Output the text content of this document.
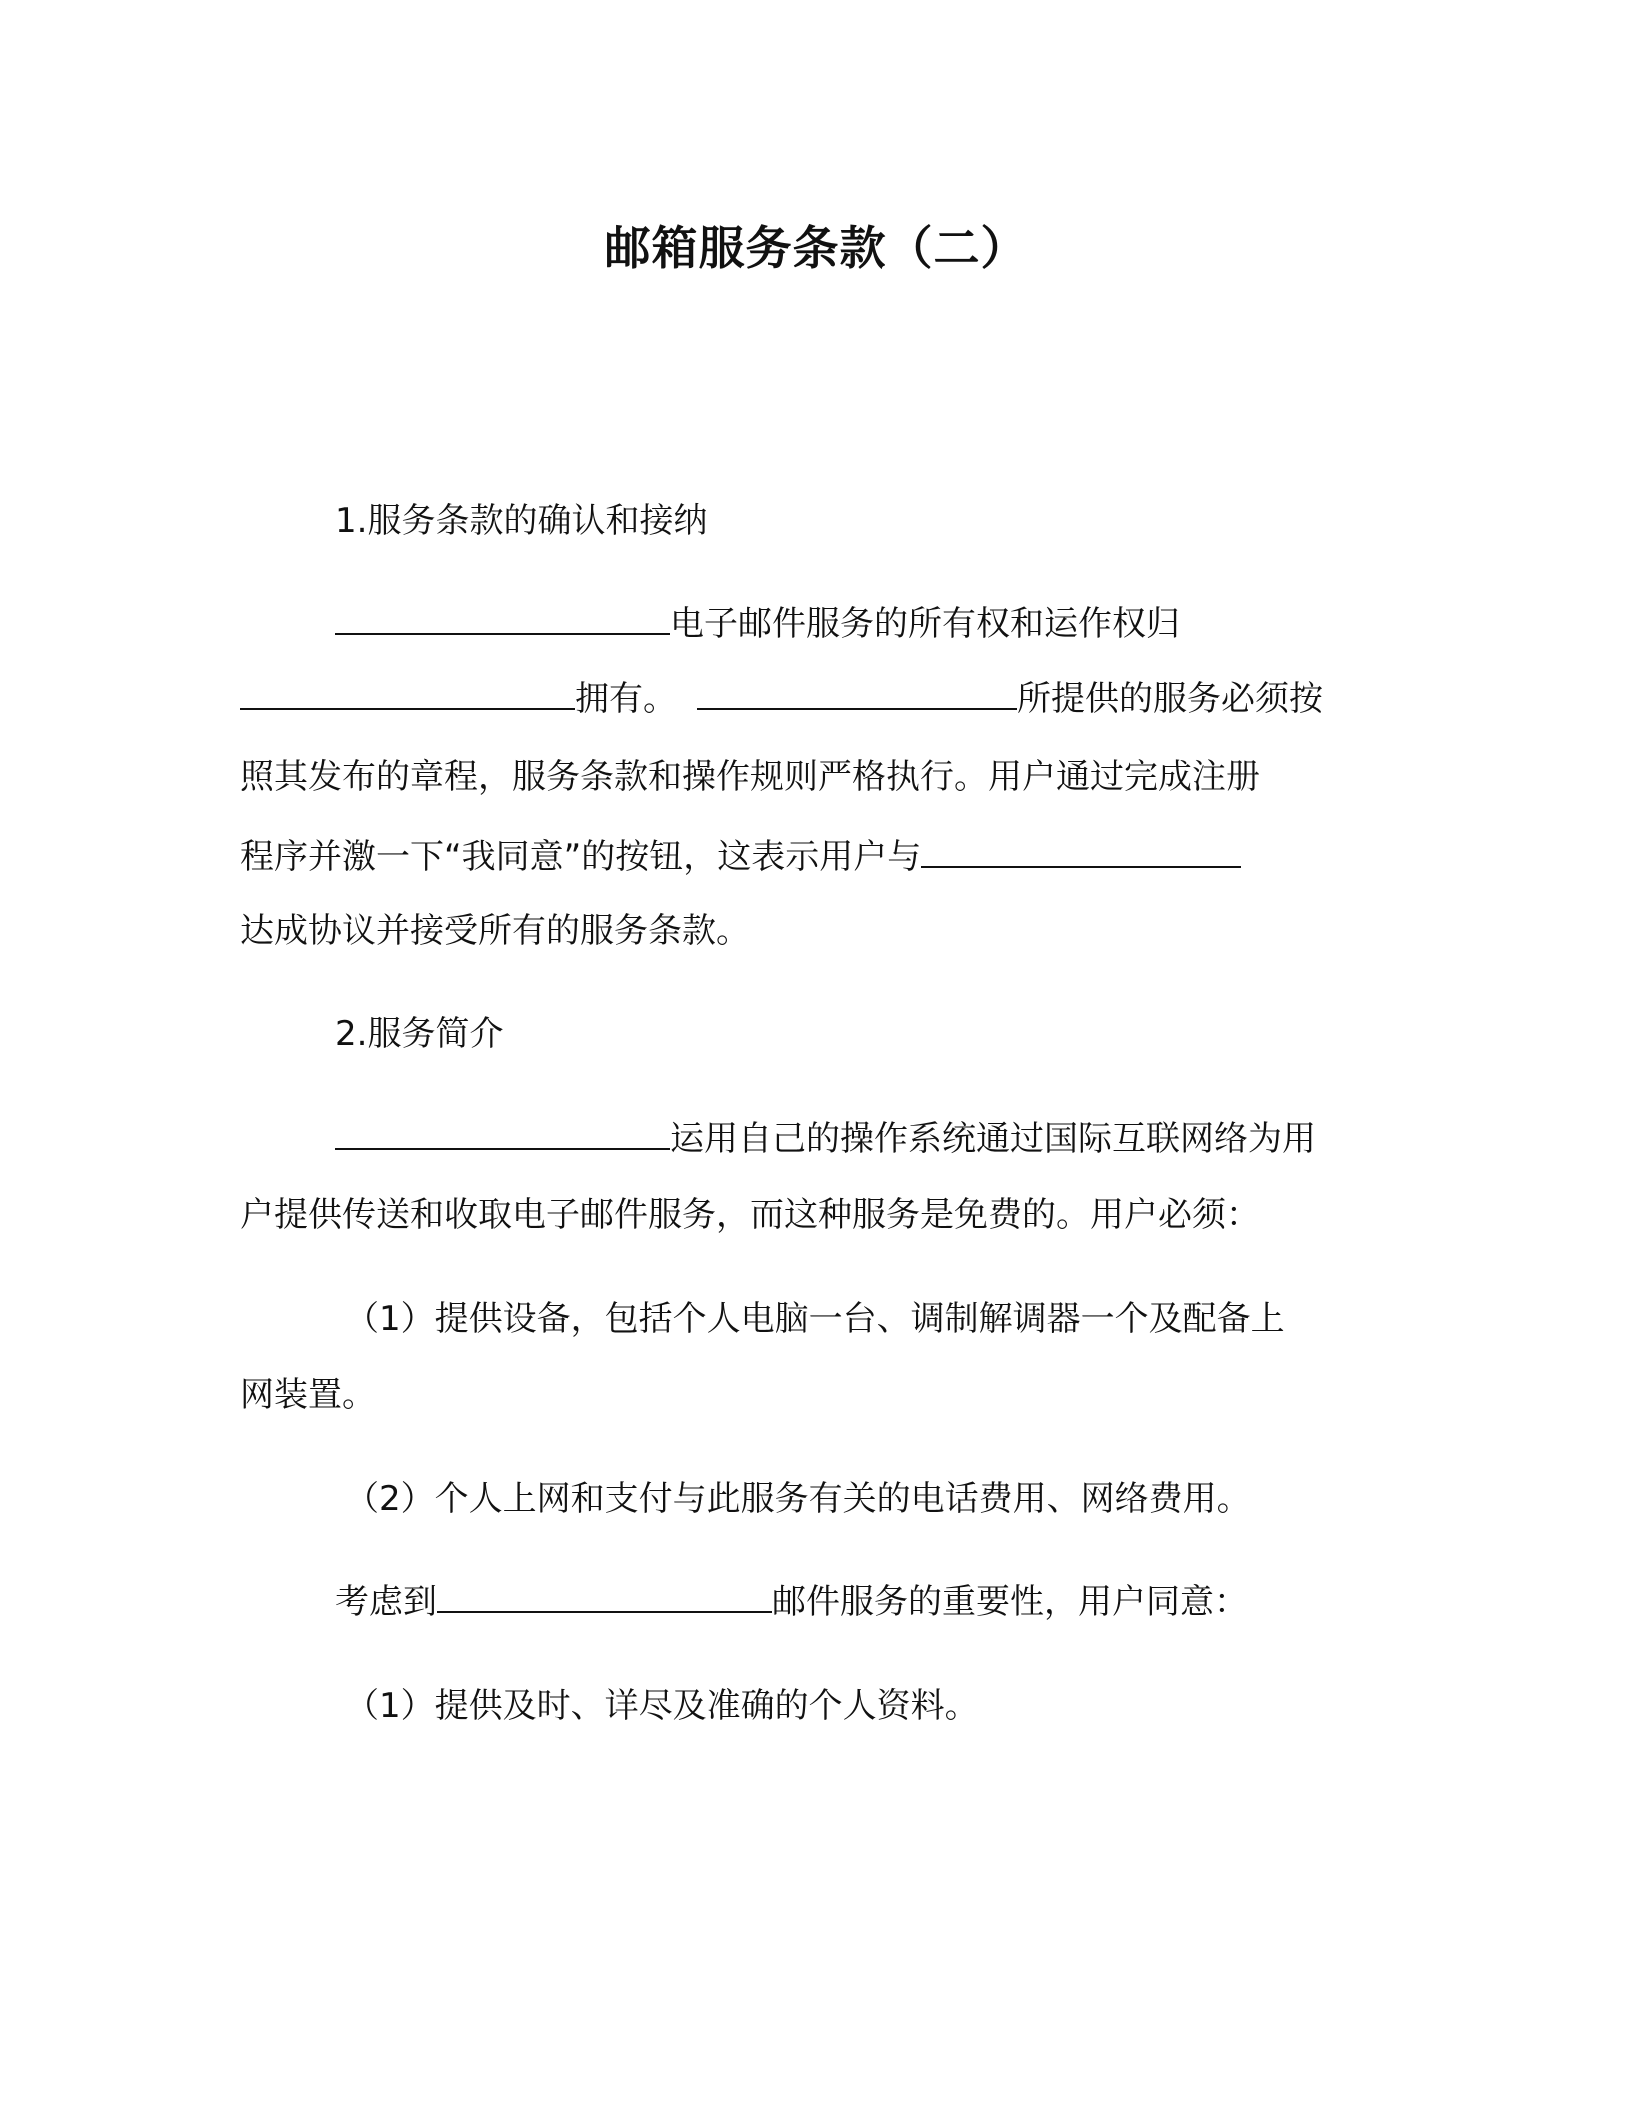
邮箱服务条款（二）
1.服务条款的确认和接纳
电子邮件服务的所有权和运作权归
拥有。	所提供的服务必须按
照其发布的章程，服务条款和操作规则严格执行。用户通过完成注册
程序并激一下“我同意”的按钮，这表示用户与
达成协议并接受所有的服务条款。
2.服务简介
运用自己的操作系统通过国际互联网络为用
户提供传送和收取电子邮件服务，而这种服务是免费的。用户必须：
（1）提供设备，包括个人电脑一台、调制解调器一个及配备上
网装置。
（2）个人上网和支付与此服务有关的电话费用、网络费用。
考虑到	邮件服务的重要性，用户同意：
（1）提供及时、详尽及准确的个人资料。
